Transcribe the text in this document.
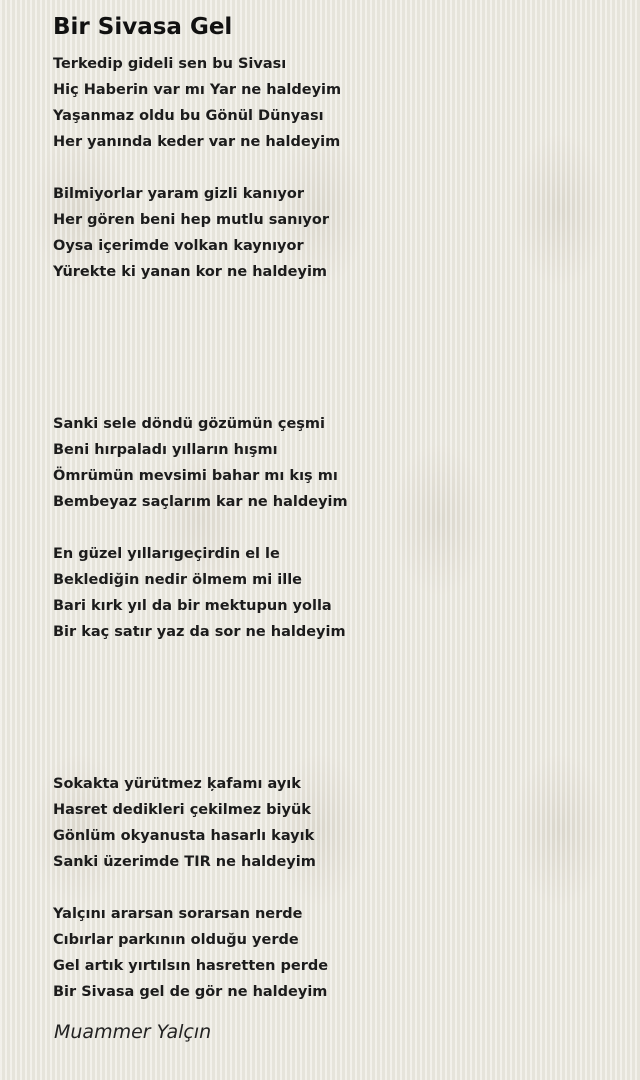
Bir Sivasa Gel

Terkedip gideli sen bu Sivası

Hiç Haberin var mı Yar ne haldeyim

Yaşanmaz oldu bu Gönül Dünyası

Her yanında keder var ne haldeyim

Bilmiyorlar yaram gizli kanıyor

Her gören beni hep mutlu sanıyor

Oysa içerimde volkan kaynıyor

Yürekte ki yanan kor ne haldeyim

Sanki sele döndü gözümün çeşmi

Beni hırpaladı yılların hışmı

Ömrümün mevsimi bahar mı kış mı

Bembeyaz saçlarım kar ne haldeyim

En güzel yıllarıgeçirdin el le

Beklediğin nedir ölmem mi ille

Bari kırk yıl da bir mektupun yolla

Bir kaç satır yaz da sor ne haldeyim

Sokakta yürütmez ķafamı ayık

Hasret dedikleri çekilmez biyük

Gönlüm okyanusta hasarlı kayık

Sanki üzerimde TIR ne haldeyim

Yalçını ararsan sorarsan nerde

Cıbırlar parkının olduğu yerde

Gel artık yırtılsın hasretten perde

Bir Sivasa gel de gör ne haldeyim

Muammer Yalçın
